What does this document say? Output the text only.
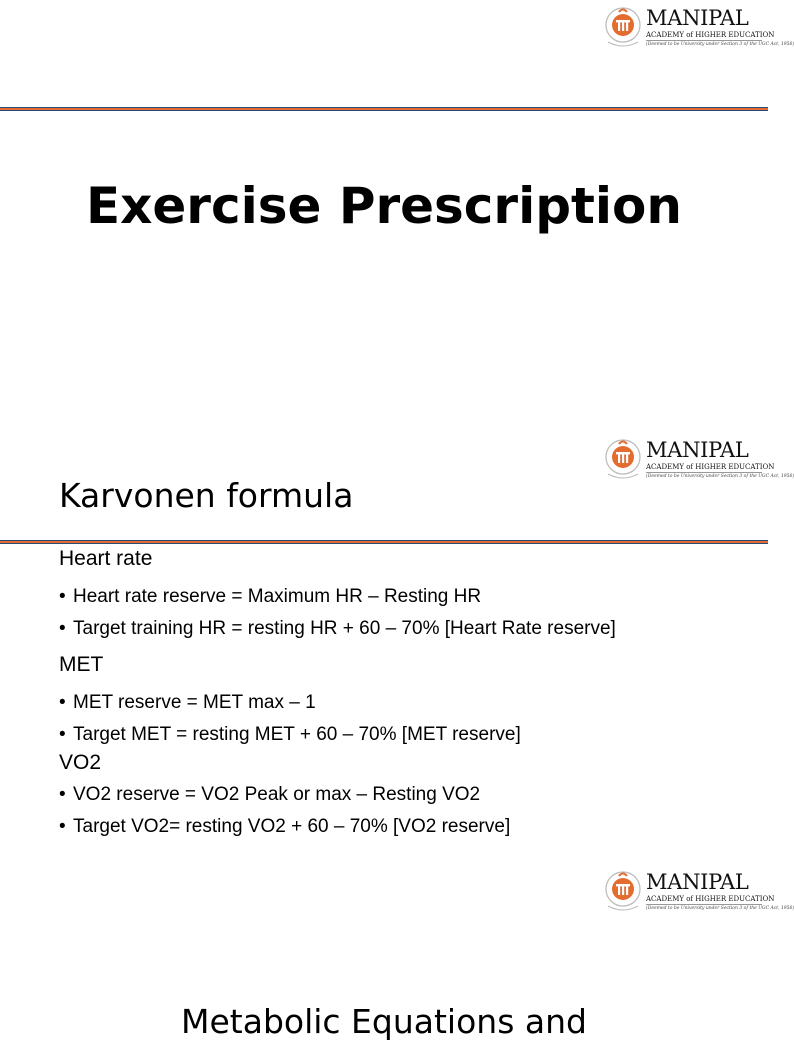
MANIPAL
ACADEMY of HIGHER EDUCATION
(Deemed to be University under Section 3 of the UGC Act, 1956)
Exercise Prescription
MANIPAL
ACADEMY of HIGHER EDUCATION
(Deemed to be University under Section 3 of the UGC Act, 1956)
Karvonen formula
Heart rate
• Heart rate reserve = Maximum HR – Resting HR
• Target training HR = resting HR + 60 – 70% [Heart Rate reserve]
MET
• MET reserve = MET max – 1
• Target MET = resting MET + 60 – 70% [MET reserve]
VO2
• VO2 reserve = VO2 Peak or max – Resting VO2
• Target VO2= resting VO2 + 60 – 70% [VO2 reserve]
MANIPAL
ACADEMY of HIGHER EDUCATION
(Deemed to be University under Section 3 of the UGC Act, 1956)
Metabolic Equations and
